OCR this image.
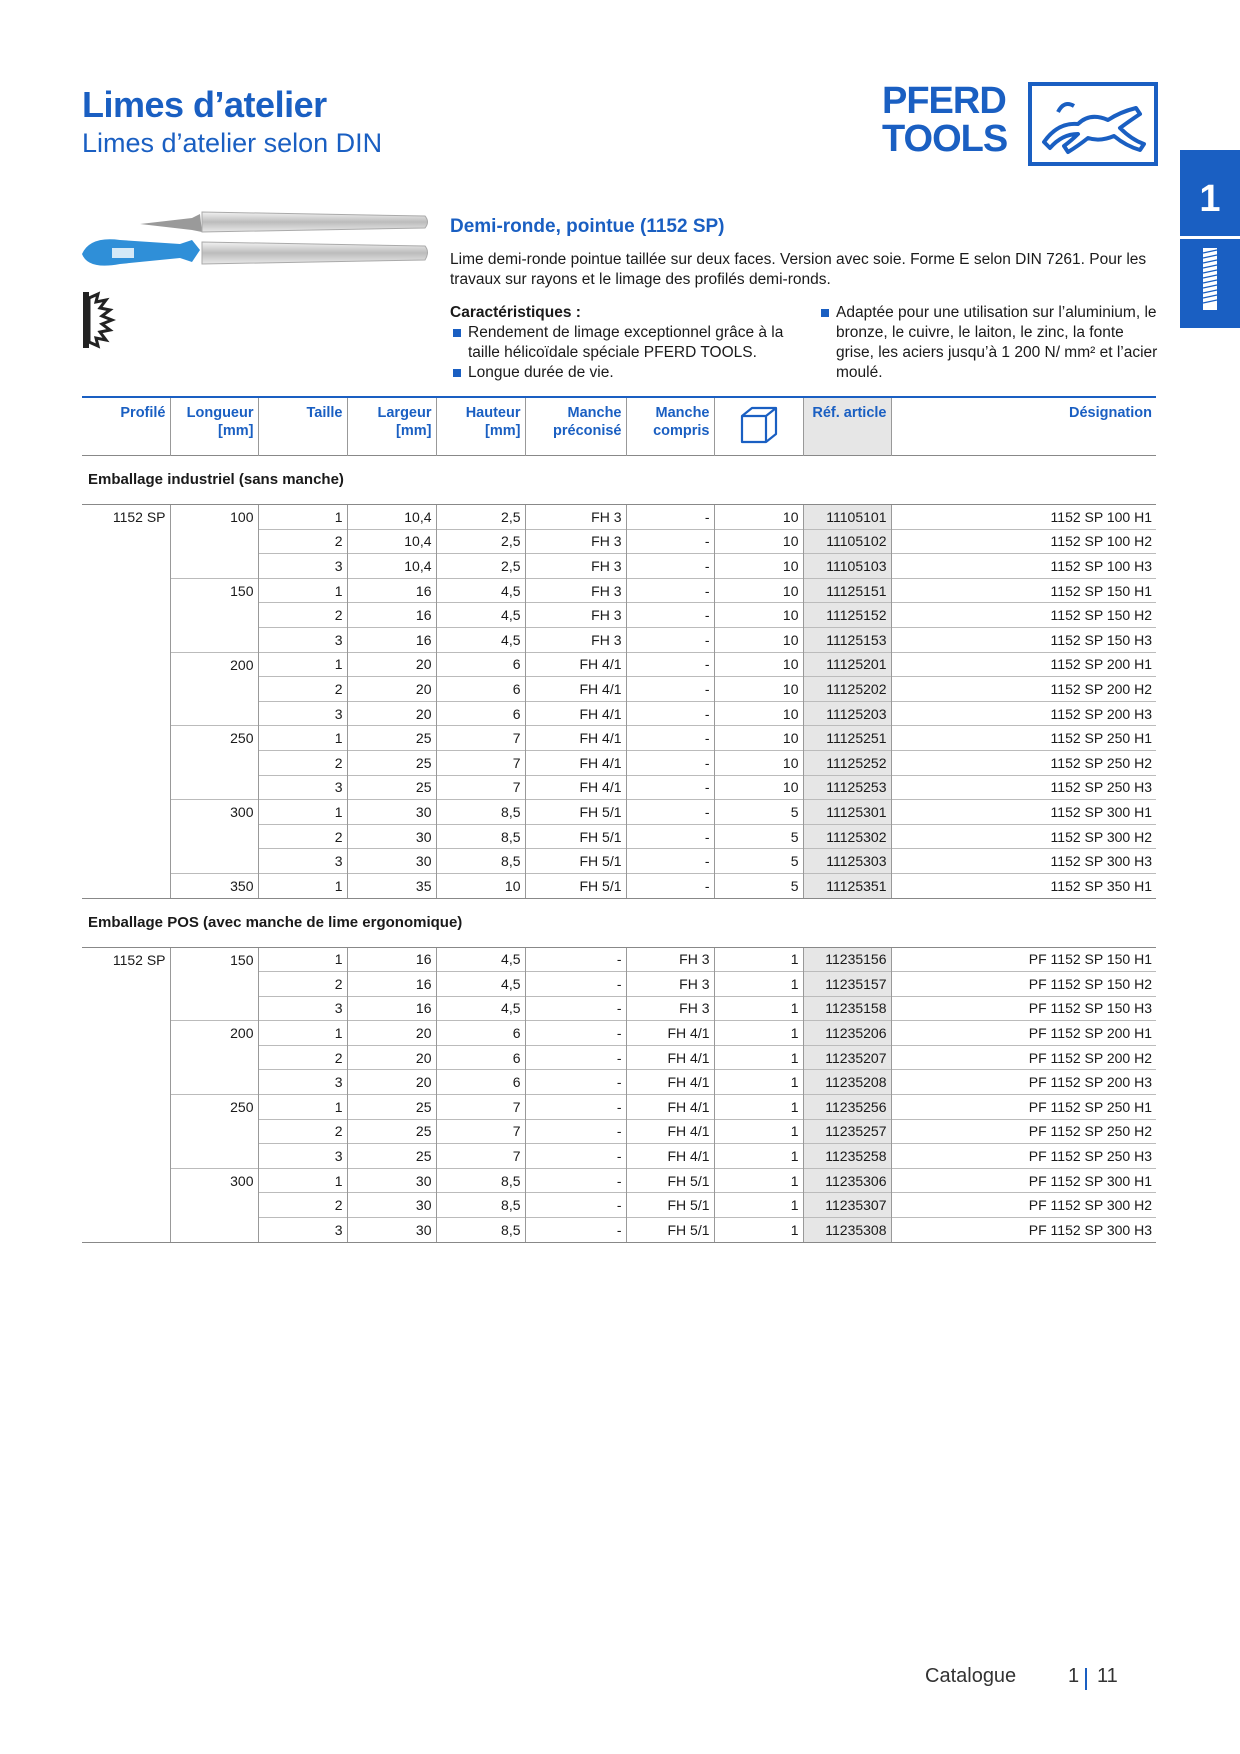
Limes d’atelier
Limes d’atelier selon DIN
PFERD
TOOLS
1
Demi-ronde, pointue (1152 SP)
Lime demi-ronde pointue taillée sur deux faces. Version avec soie. Forme E selon DIN 7261. Pour les travaux sur rayons et le limage des profilés demi-ronds.
Caractéristiques :
Rendement de limage exceptionnel grâce à la taille hélicoïdale spéciale PFERD TOOLS.
Longue durée de vie.
Adaptée pour une utilisation sur l’aluminium, le bronze, le cuivre, le laiton, le zinc, la fonte grise, les aciers jusqu’à 1 200 N/ mm² et l’acier moulé.
Profilé	Longueur [mm]	Taille	Largeur [mm]	Hauteur [mm]	Manche préconisé	Manche compris		Réf. article	Désignation
Emballage industriel (sans manche)									
1152 SP	100	1	10,4	2,5	FH 3	-	10	11105101	1152 SP 100 H1
		2	10,4	2,5	FH 3	-	10	11105102	1152 SP 100 H2
		3	10,4	2,5	FH 3	-	10	11105103	1152 SP 100 H3
	150	1	16	4,5	FH 3	-	10	11125151	1152 SP 150 H1
		2	16	4,5	FH 3	-	10	11125152	1152 SP 150 H2
		3	16	4,5	FH 3	-	10	11125153	1152 SP 150 H3
	200	1	20	6	FH 4/1	-	10	11125201	1152 SP 200 H1
		2	20	6	FH 4/1	-	10	11125202	1152 SP 200 H2
		3	20	6	FH 4/1	-	10	11125203	1152 SP 200 H3
	250	1	25	7	FH 4/1	-	10	11125251	1152 SP 250 H1
		2	25	7	FH 4/1	-	10	11125252	1152 SP 250 H2
		3	25	7	FH 4/1	-	10	11125253	1152 SP 250 H3
	300	1	30	8,5	FH 5/1	-	5	11125301	1152 SP 300 H1
		2	30	8,5	FH 5/1	-	5	11125302	1152 SP 300 H2
		3	30	8,5	FH 5/1	-	5	11125303	1152 SP 300 H3
	350	1	35	10	FH 5/1	-	5	11125351	1152 SP 350 H1
Emballage POS (avec manche de lime ergonomique)									
1152 SP	150	1	16	4,5	-	FH 3	1	11235156	PF 1152 SP 150 H1
		2	16	4,5	-	FH 3	1	11235157	PF 1152 SP 150 H2
		3	16	4,5	-	FH 3	1	11235158	PF 1152 SP 150 H3
	200	1	20	6	-	FH 4/1	1	11235206	PF 1152 SP 200 H1
		2	20	6	-	FH 4/1	1	11235207	PF 1152 SP 200 H2
		3	20	6	-	FH 4/1	1	11235208	PF 1152 SP 200 H3
	250	1	25	7	-	FH 4/1	1	11235256	PF 1152 SP 250 H1
		2	25	7	-	FH 4/1	1	11235257	PF 1152 SP 250 H2
		3	25	7	-	FH 4/1	1	11235258	PF 1152 SP 250 H3
	300	1	30	8,5	-	FH 5/1	1	11235306	PF 1152 SP 300 H1
		2	30	8,5	-	FH 5/1	1	11235307	PF 1152 SP 300 H2
		3	30	8,5	-	FH 5/1	1	11235308	PF 1152 SP 300 H3
Catalogue	1 11
